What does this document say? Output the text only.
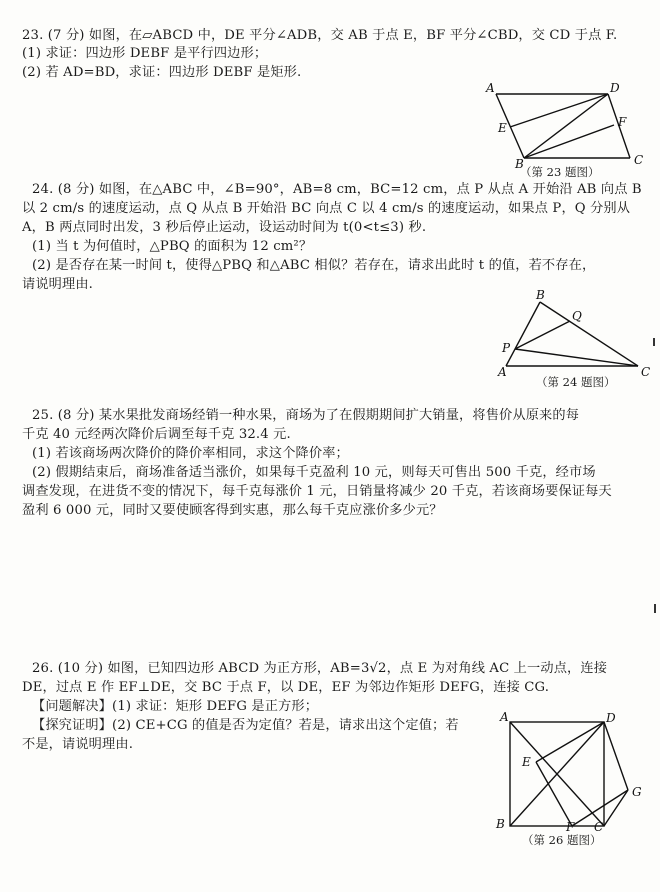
23. (7 分) 如图，在▱ABCD 中，DE 平分∠ADB，交 AB 于点 E，BF 平分∠CBD，交 CD 于点 F.
(1) 求证：四边形 DEBF 是平行四边形；
(2) 若 AD=BD，求证：四边形 DEBF 是矩形.
A	D
E	F
B	C
（第 23 题图）
24. (8 分) 如图，在△ABC 中，∠B=90°，AB=8 cm，BC=12 cm，点 P 从点 A 开始沿 AB 向点 B
以 2 cm/s 的速度运动，点 Q 从点 B 开始沿 BC 向点 C 以 4 cm/s 的速度运动，如果点 P，Q 分别从
A，B 两点同时出发，3 秒后停止运动，设运动时间为 t(0<t≤3) 秒.
(1) 当 t 为何值时，△PBQ 的面积为 12 cm²？
(2) 是否存在某一时间 t，使得△PBQ 和△ABC 相似？若存在，请求出此时 t 的值，若不存在，
请说明理由.
B
Q
P
A	C
（第 24 题图）
25. (8 分) 某水果批发商场经销一种水果，商场为了在假期期间扩大销量，将售价从原来的每
千克 40 元经两次降价后调至每千克 32.4 元.
(1) 若该商场两次降价的降价率相同，求这个降价率；
(2) 假期结束后，商场准备适当涨价，如果每千克盈利 10 元，则每天可售出 500 千克，经市场
调查发现，在进货不变的情况下，每千克每涨价 1 元，日销量将减少 20 千克，若该商场要保证每天
盈利 6 000 元，同时又要使顾客得到实惠，那么每千克应涨价多少元？
26. (10 分) 如图，已知四边形 ABCD 为正方形，AB=3√2，点 E 为对角线 AC 上一动点，连接
DE，过点 E 作 EF⊥DE，交 BC 于点 F，以 DE，EF 为邻边作矩形 DEFG，连接 CG.
【问题解决】(1) 求证：矩形 DEFG 是正方形；
【探究证明】(2) CE+CG 的值是否为定值？若是，请求出这个定值；若
不是，请说明理由.
A	D
E
G
B	F C
（第 26 题图）
